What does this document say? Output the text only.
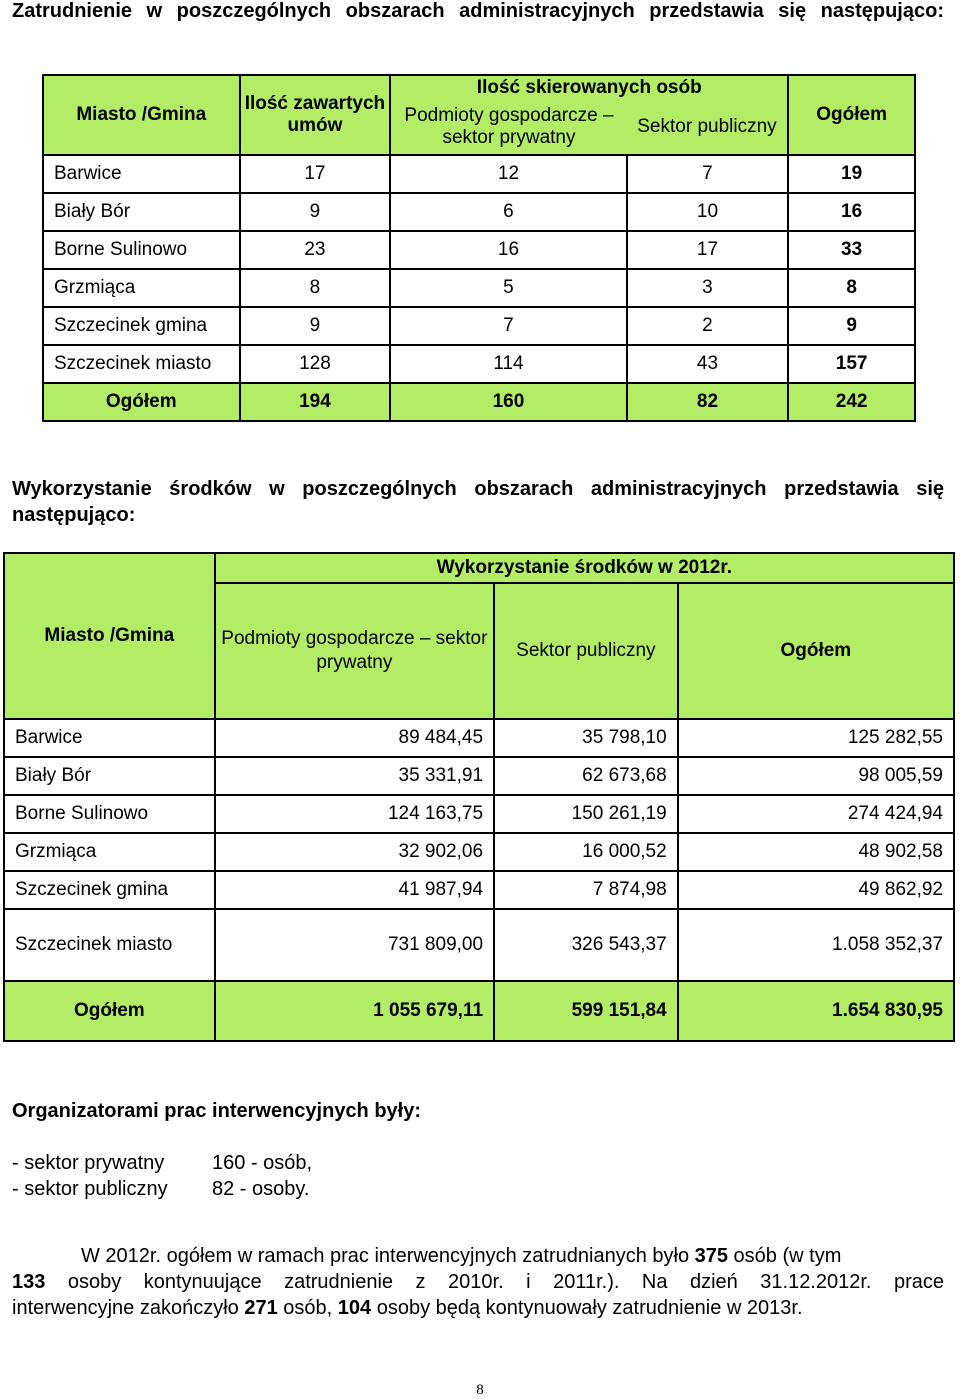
Zatrudnienie w poszczególnych obszarach administracyjnych przedstawia się następująco:
Miasto /Gmina	Ilość zawartych umów	Ilość skierowanych osób		Ogółem
		Podmioty gospodarcze – sektor prywatny	Sektor publiczny	
Barwice	17	12	7	19
Biały Bór	9	6	10	16
Borne Sulinowo	23	16	17	33
Grzmiąca	8	5	3	8
Szczecinek gmina	9	7	2	9
Szczecinek miasto	128	114	43	157
Ogółem	194	160	82	242
Wykorzystanie środków w poszczególnych obszarach administracyjnych przedstawia się następująco:
Miasto /Gmina	Wykorzystanie środków w 2012r.		
	Podmioty gospodarcze – sektor prywatny	Sektor publiczny	Ogółem
Barwice	89 484,45	35 798,10	125 282,55
Biały Bór	35 331,91	62 673,68	98 005,59
Borne Sulinowo	124 163,75	150 261,19	274 424,94
Grzmiąca	32 902,06	16 000,52	48 902,58
Szczecinek gmina	41 987,94	7 874,98	49 862,92
Szczecinek miasto	731 809,00	326 543,37	1.058 352,37
Ogółem	1 055 679,11	599 151,84	1.654 830,95
Organizatorami prac interwencyjnych były:
- sektor prywatny 160 - osób,
- sektor publiczny 82 - osoby.
W 2012r. ogółem w ramach prac interwencyjnych zatrudnianych było 375 osób (w tym
133 osoby kontynuujące zatrudnienie z 2010r. i 2011r.). Na dzień 31.12.2012r. prace
interwencyjne zakończyło 271 osób, 104 osoby będą kontynuowały zatrudnienie w 2013r.
8
